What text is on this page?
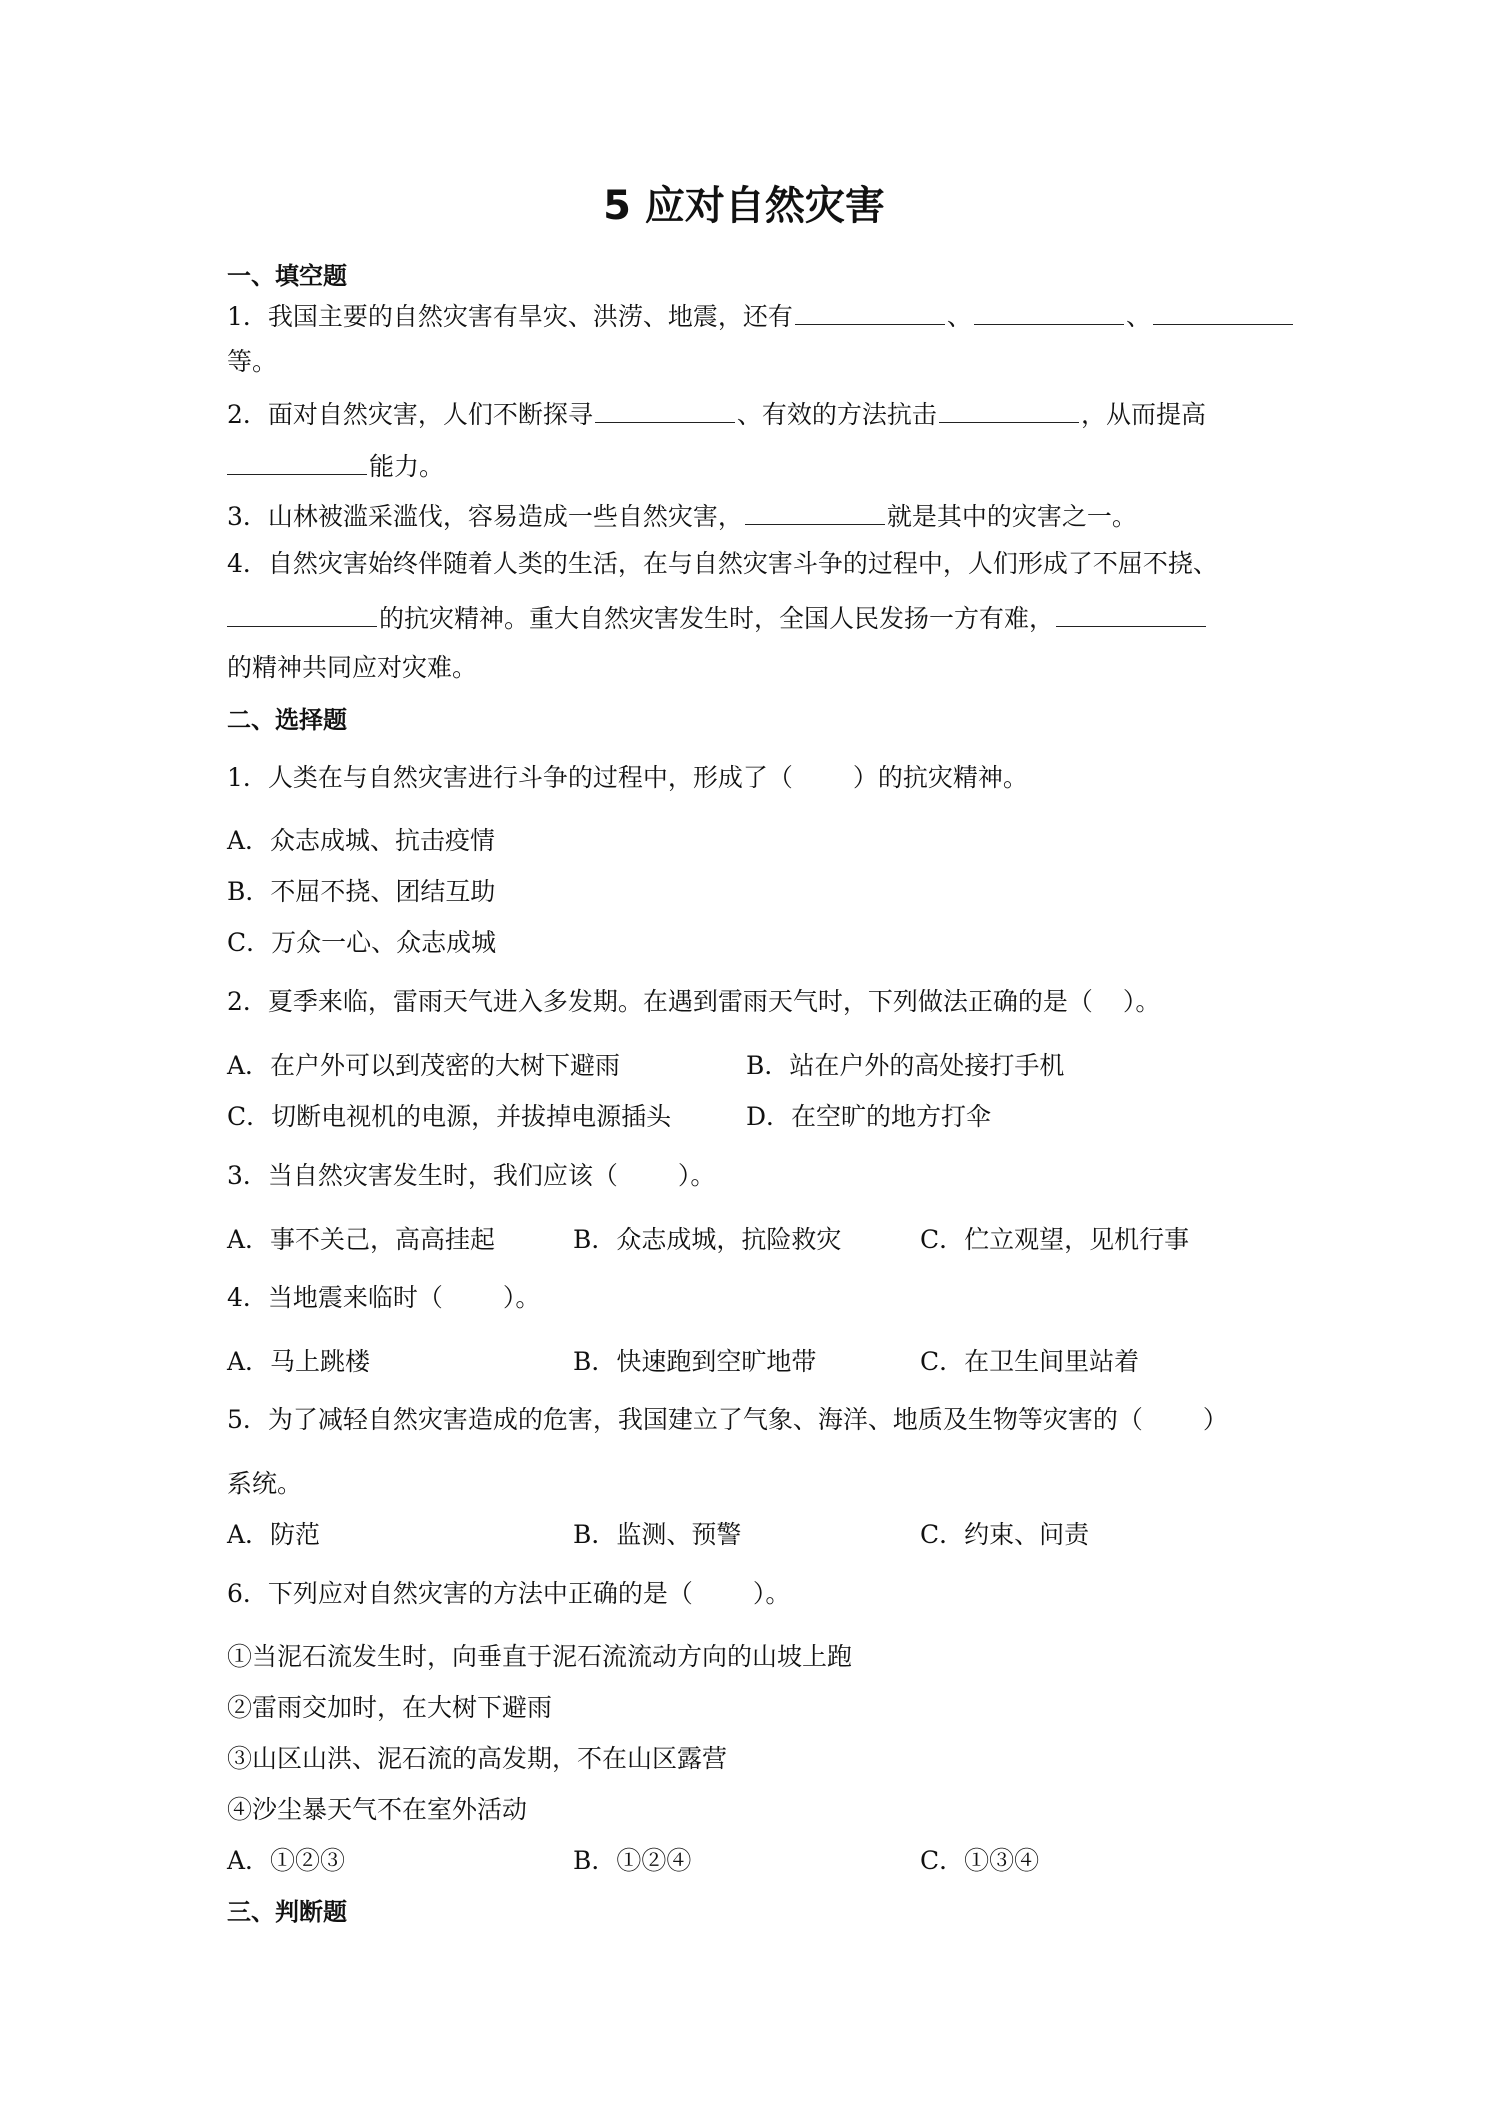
5 应对自然灾害
一、填空题
1．我国主要的自然灾害有旱灾、洪涝、地震，还有	、	、
等。
2．面对自然灾害，人们不断探寻	、有效的方法抗击	，从而提高
能力。
3．山林被滥采滥伐，容易造成一些自然灾害，	就是其中的灾害之一。
4．自然灾害始终伴随着人类的生活，在与自然灾害斗争的过程中，人们形成了不屈不挠、
的抗灾精神。重大自然灾害发生时，全国人民发扬一方有难，
的精神共同应对灾难。
二、选择题
1．人类在与自然灾害进行斗争的过程中，形成了（ ）的抗灾精神。
A．众志成城、抗击疫情
B．不屈不挠、团结互助
C．万众一心、众志成城
2．夏季来临，雷雨天气进入多发期。在遇到雷雨天气时，下列做法正确的是（ ）。
A．在户外可以到茂密的大树下避雨	B．站在户外的高处接打手机
C．切断电视机的电源，并拔掉电源插头	D．在空旷的地方打伞
3．当自然灾害发生时，我们应该（ ）。
A．事不关己，高高挂起	B．众志成城，抗险救灾	C．伫立观望，见机行事
4．当地震来临时（ ）。
A．马上跳楼	B．快速跑到空旷地带	C．在卫生间里站着
5．为了减轻自然灾害造成的危害，我国建立了气象、海洋、地质及生物等灾害的（ ）
系统。
A．防范	B．监测、预警	C．约束、问责
6．下列应对自然灾害的方法中正确的是（ ）。
①当泥石流发生时，向垂直于泥石流流动方向的山坡上跑
②雷雨交加时，在大树下避雨
③山区山洪、泥石流的高发期，不在山区露营
④沙尘暴天气不在室外活动
A．①②③	B．①②④	C．①③④
三、判断题
